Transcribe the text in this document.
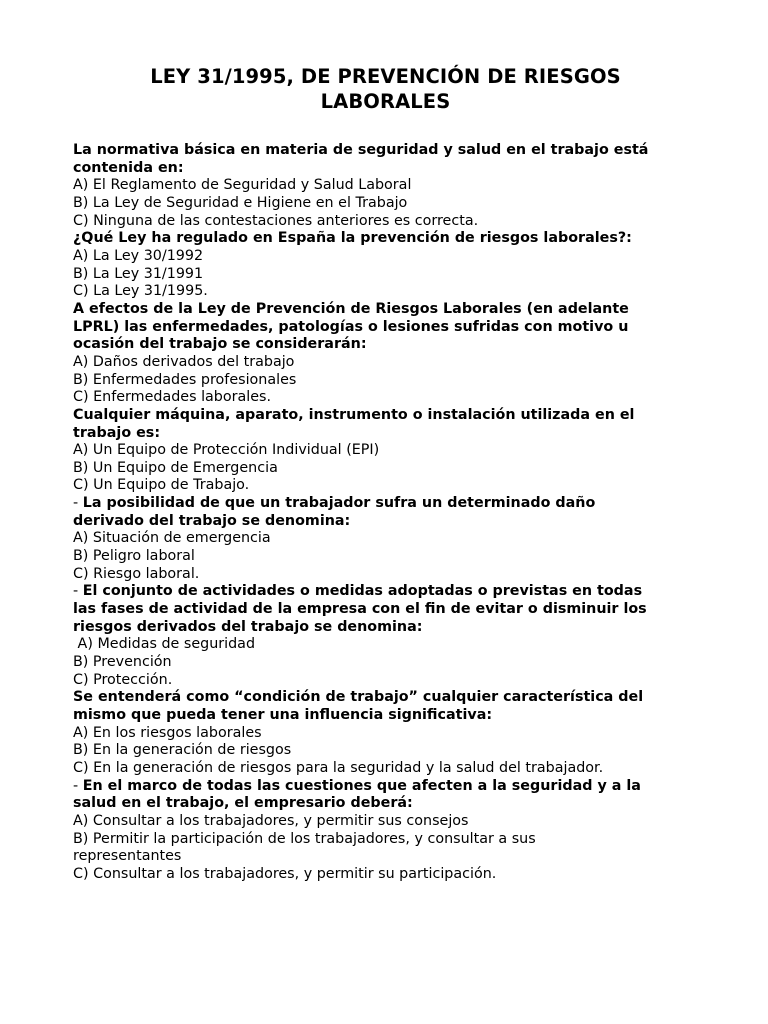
LEY 31/1995, DE PREVENCIÓN DE RIESGOS
LABORALES
La normativa básica en materia de seguridad y salud en el trabajo está
contenida en:
A) El Reglamento de Seguridad y Salud Laboral
B) La Ley de Seguridad e Higiene en el Trabajo
C) Ninguna de las contestaciones anteriores es correcta.
¿Qué Ley ha regulado en España la prevención de riesgos laborales?:
A) La Ley 30/1992
B) La Ley 31/1991
C) La Ley 31/1995.
A efectos de la Ley de Prevención de Riesgos Laborales (en adelante
LPRL) las enfermedades, patologías o lesiones sufridas con motivo u
ocasión del trabajo se considerarán:
A) Daños derivados del trabajo
B) Enfermedades profesionales
C) Enfermedades laborales.
Cualquier máquina, aparato, instrumento o instalación utilizada en el
trabajo es:
A) Un Equipo de Protección Individual (EPI)
B) Un Equipo de Emergencia
C) Un Equipo de Trabajo.
- La posibilidad de que un trabajador sufra un determinado daño
derivado del trabajo se denomina:
A) Situación de emergencia
B) Peligro laboral
C) Riesgo laboral.
- El conjunto de actividades o medidas adoptadas o previstas en todas
las fases de actividad de la empresa con el fin de evitar o disminuir los
riesgos derivados del trabajo se denomina:
A) Medidas de seguridad
B) Prevención
C) Protección.
Se entenderá como “condición de trabajo” cualquier característica del
mismo que pueda tener una influencia significativa:
A) En los riesgos laborales
B) En la generación de riesgos
C) En la generación de riesgos para la seguridad y la salud del trabajador.
- En el marco de todas las cuestiones que afecten a la seguridad y a la
salud en el trabajo, el empresario deberá:
A) Consultar a los trabajadores, y permitir sus consejos
B) Permitir la participación de los trabajadores, y consultar a sus
representantes
C) Consultar a los trabajadores, y permitir su participación.
